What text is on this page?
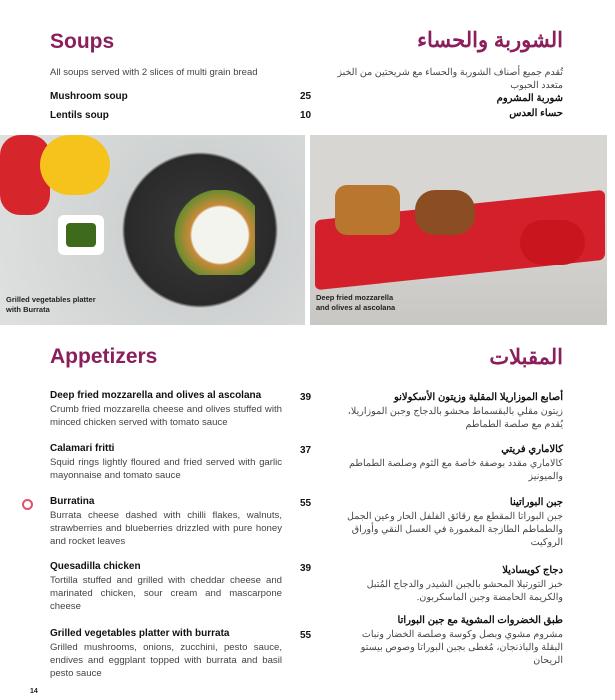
Soups	الشوربة والحساء
All soups served with 2 slices of multi grain bread	تُقدم جميع أصناف الشوربة والحساء مع شريحتين من الخبز متعدد الحبوب
Mushroom soup	25	شوربة المشروم
Lentils soup	10	حساء العدس
Grilled vegetables platter with Burrata
Deep fried mozzarella and olives al ascolana
Appetizers	المقبلات
Deep fried mozzarella and olives al ascolana
Crumb fried mozzarella cheese and olives stuffed with minced chicken served with tomato sauce
39	أصابع الموزاريلا المقلية وزيتون الأسكولانو
زيتون مقلي بالبقسماط محشو بالدجاج وجبن الموزاريلا، يُقدم مع صلصة الطماطم
Calamari fritti
Squid rings lightly floured and fried served with garlic mayonnaise and tomato sauce
37	كالاماري فريتي
كالاماري مقدد بوصفة خاصة مع الثوم وصلصة الطماطم والميونيز
Burratina
Burrata cheese dashed with chilli flakes, walnuts, strawberries and blueberries drizzled with pure honey and rocket leaves
55	جبن البوراتينا
جبن البوراتا المقطع مع رقائق الفلفل الحار وعين الجمل والطماطم الطازجة المغمورة في العسل النقي وأوراق الروكيت
Quesadilla chicken
Tortilla stuffed and grilled with cheddar cheese and marinated chicken, sour cream and mascarpone cheese
39	دجاج كويساديلا
خبز التورتيلا المحشو بالجبن الشيدر والدجاج المُتبل والكريمة الحامضة وجبن الماسكربون.
Grilled vegetables platter with burrata
Grilled mushrooms, onions, zucchini, pesto sauce, endives and eggplant topped with burrata and basil pesto sauce
55
طبق الخضروات المشوية مع جبن البوراتا
مشروم مشوي وبصل وكوسة وصلصة الخضار ونبات البقلة والباذنجان، مُغطى بجبن البوراتا وصوص بيستو الريحان
14
